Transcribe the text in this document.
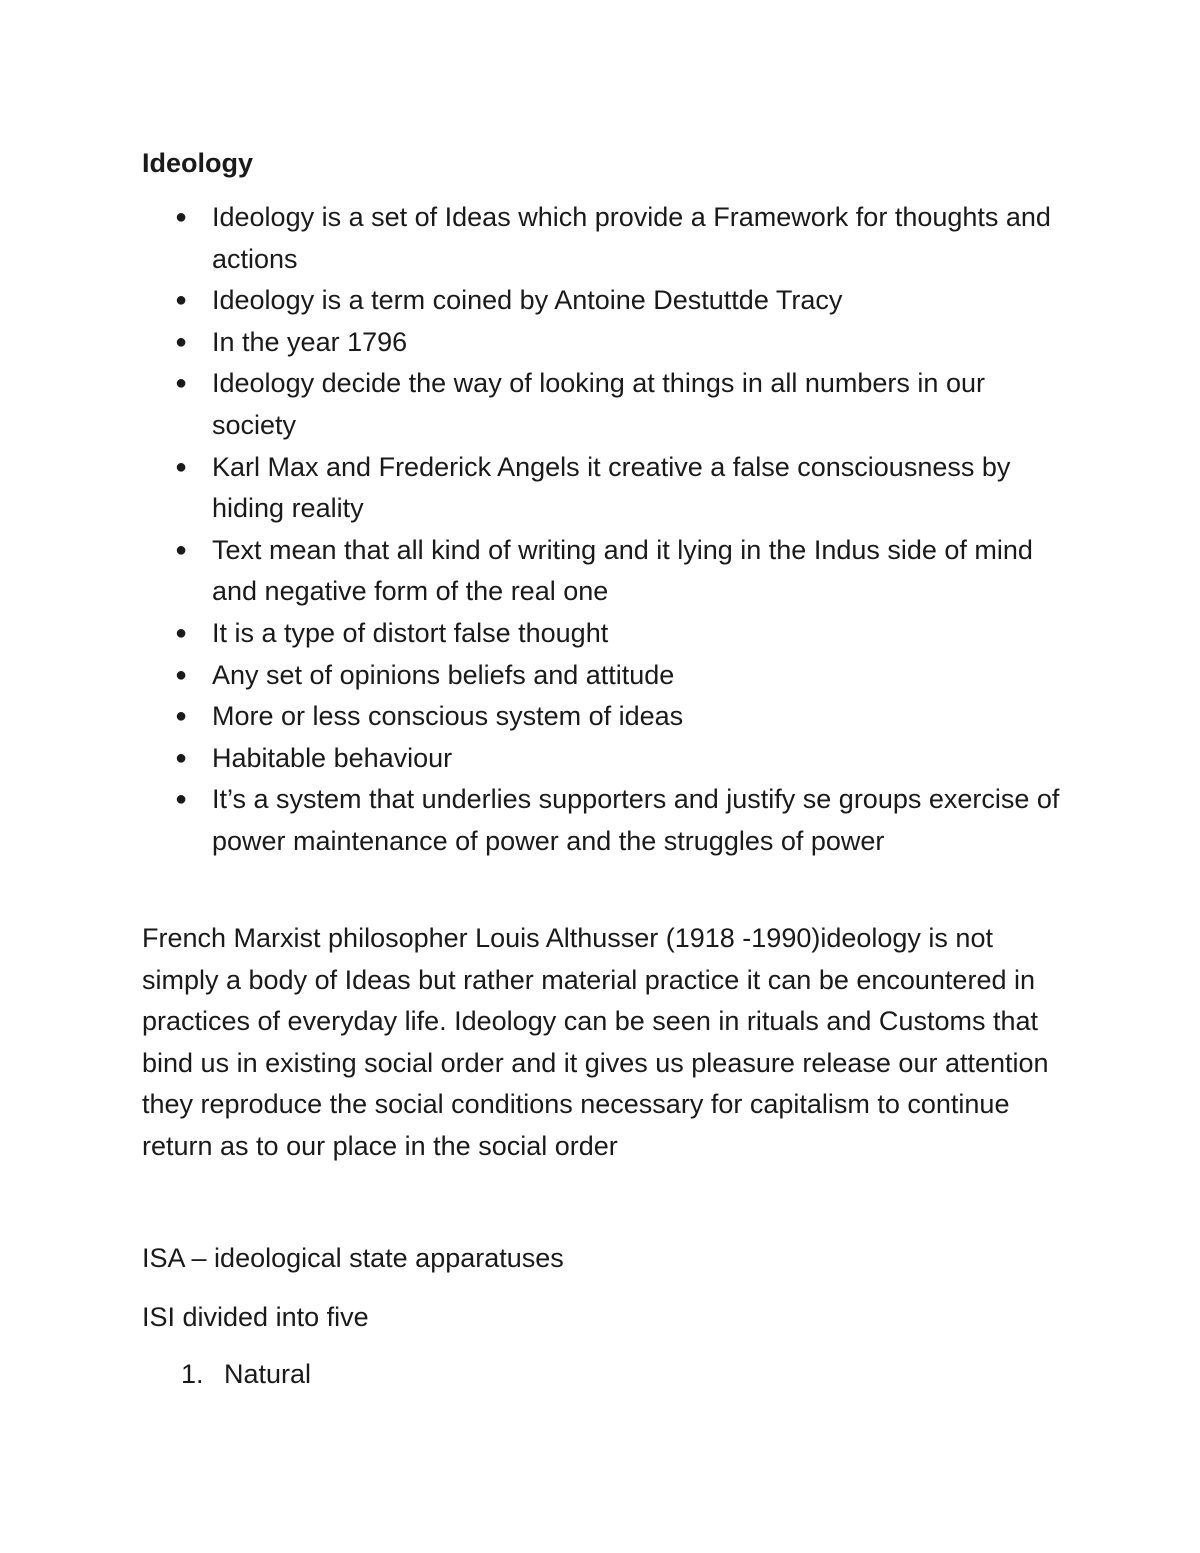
Ideology
● Ideology is a set of Ideas which provide a Framework for thoughts and actions
● Ideology is a term coined by Antoine Destuttde Tracy
● In the year 1796
● Ideology decide the way of looking at things in all numbers in our society
● Karl Max and Frederick Angels it creative a false consciousness by hiding reality
● Text mean that all kind of writing and it lying in the Indus side of mind and negative form of the real one
● It is a type of distort false thought
● Any set of opinions beliefs and attitude
● More or less conscious system of ideas
● Habitable behaviour
● It’s a system that underlies supporters and justify se groups exercise of power maintenance of power and the struggles of power

French Marxist philosopher Louis Althusser (1918 -1990)ideology is not simply a body of Ideas but rather material practice it can be encountered in practices of everyday life. Ideology can be seen in rituals and Customs that bind us in existing social order and it gives us pleasure release our attention they reproduce the social conditions necessary for capitalism to continue return as to our place in the social order

ISA – ideological state apparatuses

ISI divided into five

1. Natural
